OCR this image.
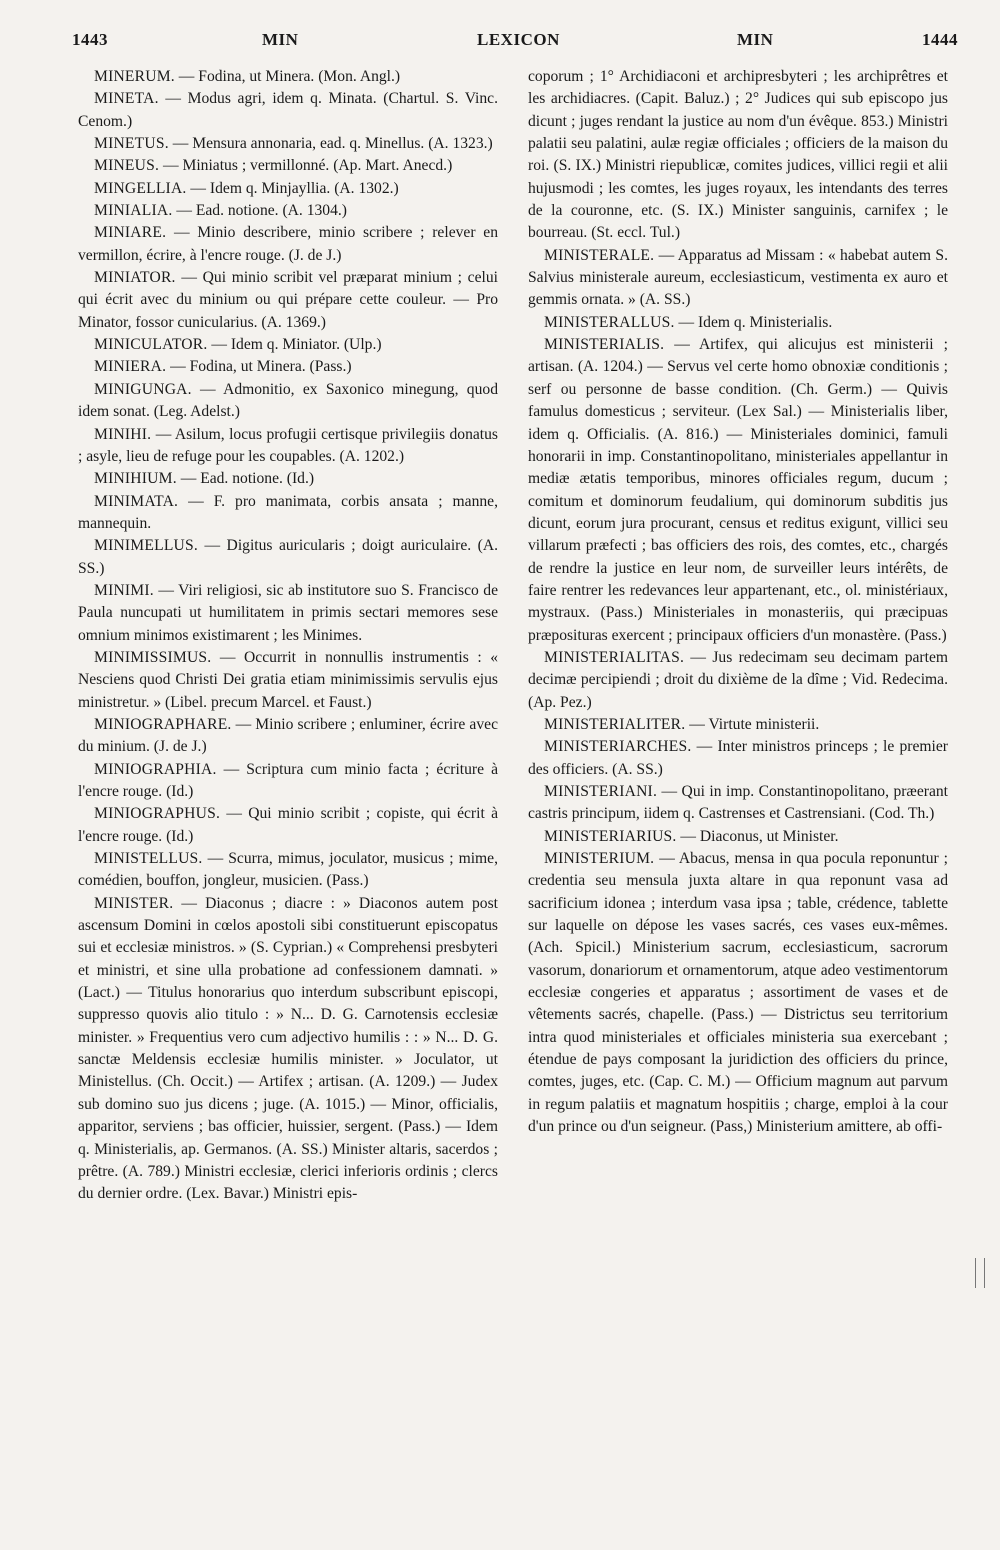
1443	MIN	LEXICON	MIN	1444

MINERUM. — Fodina, ut Minera. (Mon. Angl.)

MINETA. — Modus agri, idem q. Minata. (Chartul. S. Vinc. Cenom.)

MINETUS. — Mensura annonaria, ead. q. Minellus. (A. 1323.)

MINEUS. — Miniatus ; vermillonné. (Ap. Mart. Anecd.)

MINGELLIA. — Idem q. Minjayllia. (A. 1302.)

MINIALIA. — Ead. notione. (A. 1304.)

MINIARE. — Minio describere, minio scribere ; relever en vermillon, écrire, à l'encre rouge. (J. de J.)

MINIATOR. — Qui minio scribit vel præparat minium ; celui qui écrit avec du minium ou qui prépare cette couleur. — Pro Minator, fossor cunicularius. (A. 1369.)

MINICULATOR. — Idem q. Miniator. (Ulp.)

MINIERA. — Fodina, ut Minera. (Pass.)

MINIGUNGA. — Admonitio, ex Saxonico minegung, quod idem sonat. (Leg. Adelst.)

MINIHI. — Asilum, locus profugii certisque privilegiis donatus ; asyle, lieu de refuge pour les coupables. (A. 1202.)

MINIHIUM. — Ead. notione. (Id.)

MINIMATA. — F. pro manimata, corbis ansata ; manne, mannequin.

MINIMELLUS. — Digitus auricularis ; doigt auriculaire. (A. SS.)

MINIMI. — Viri religiosi, sic ab institutore suo S. Francisco de Paula nuncupati ut humilitatem in primis sectari memores sese omnium minimos existimarent ; les Minimes.

MINIMISSIMUS. — Occurrit in nonnullis instrumentis : « Nesciens quod Christi Dei gratia etiam minimissimis servulis ejus ministretur. » (Libel. precum Marcel. et Faust.)

MINIOGRAPHARE. — Minio scribere ; enluminer, écrire avec du minium. (J. de J.)

MINIOGRAPHIA. — Scriptura cum minio facta ; écriture à l'encre rouge. (Id.)

MINIOGRAPHUS. — Qui minio scribit ; copiste, qui écrit à l'encre rouge. (Id.)

MINISTELLUS. — Scurra, mimus, joculator, musicus ; mime, comédien, bouffon, jongleur, musicien. (Pass.)

MINISTER. — Diaconus ; diacre : » Diaconos autem post ascensum Domini in cœlos apostoli sibi constituerunt episcopatus sui et ecclesiæ ministros. » (S. Cyprian.) « Comprehensi presbyteri et ministri, et sine ulla probatione ad confessionem damnati. » (Lact.) — Titulus honorarius quo interdum subscribunt episcopi, suppresso quovis alio titulo : » N... D. G. Carnotensis ecclesiæ minister. » Frequentius vero cum adjectivo humilis : : » N... D. G. sanctæ Meldensis ecclesiæ humilis minister. » Joculator, ut Ministellus. (Ch. Occit.) — Artifex ; artisan. (A. 1209.) — Judex sub domino suo jus dicens ; juge. (A. 1015.) — Minor, officialis, apparitor, serviens ; bas officier, huissier, sergent. (Pass.) — Idem q. Ministerialis, ap. Germanos. (A. SS.) Minister altaris, sacerdos ; prêtre. (A. 789.) Ministri ecclesiæ, clerici inferioris ordinis ; clercs du dernier ordre. (Lex. Bavar.) Ministri epis-

coporum ; 1° Archidiaconi et archipresbyteri ; les archiprêtres et les archidiacres. (Capit. Baluz.) ; 2° Judices qui sub episcopo jus dicunt ; juges rendant la justice au nom d'un évêque. 853.) Ministri palatii seu palatini, aulæ regiæ officiales ; officiers de la maison du roi. (S. IX.) Ministri riepublicæ, comites judices, villici regii et alii hujusmodi ; les comtes, les juges royaux, les intendants des terres de la couronne, etc. (S. IX.) Minister sanguinis, carnifex ; le bourreau. (St. eccl. Tul.)

MINISTERALE. — Apparatus ad Missam : « habebat autem S. Salvius ministerale aureum, ecclesiasticum, vestimenta ex auro et gemmis ornata. » (A. SS.)

MINISTERALLUS. — Idem q. Ministerialis.

MINISTERIALIS. — Artifex, qui alicujus est ministerii ; artisan. (A. 1204.) — Servus vel certe homo obnoxiæ conditionis ; serf ou personne de basse condition. (Ch. Germ.) — Quivis famulus domesticus ; serviteur. (Lex Sal.) — Ministerialis liber, idem q. Officialis. (A. 816.) — Ministeriales dominici, famuli honorarii in imp. Constantinopolitano, ministeriales appellantur in mediæ ætatis temporibus, minores officiales regum, ducum ; comitum et dominorum feudalium, qui dominorum subditis jus dicunt, eorum jura procurant, census et reditus exigunt, villici seu villarum præfecti ; bas officiers des rois, des comtes, etc., chargés de rendre la justice en leur nom, de surveiller leurs intérêts, de faire rentrer les redevances leur appartenant, etc., ol. ministériaux, mystraux. (Pass.) Ministeriales in monasteriis, qui præcipuas præposituras exercent ; principaux officiers d'un monastère. (Pass.)

MINISTERIALITAS. — Jus redecimam seu decimam partem decimæ percipiendi ; droit du dixième de la dîme ; Vid. Redecima. (Ap. Pez.)

MINISTERIALITER. — Virtute ministerii.

MINISTERIARCHES. — Inter ministros princeps ; le premier des officiers. (A. SS.)

MINISTERIANI. — Qui in imp. Constantinopolitano, præerant castris principum, iidem q. Castrenses et Castrensiani. (Cod. Th.)

MINISTERIARIUS. — Diaconus, ut Minister.

MINISTERIUM. — Abacus, mensa in qua pocula reponuntur ; credentia seu mensula juxta altare in qua reponunt vasa ad sacrificium idonea ; interdum vasa ipsa ; table, crédence, tablette sur laquelle on dépose les vases sacrés, ces vases eux-mêmes. (Ach. Spicil.) Ministerium sacrum, ecclesiasticum, sacrorum vasorum, donariorum et ornamentorum, atque adeo vestimentorum ecclesiæ congeries et apparatus ; assortiment de vases et de vêtements sacrés, chapelle. (Pass.) — Districtus seu territorium intra quod ministeriales et officiales ministeria sua exercebant ; étendue de pays composant la juridiction des officiers du prince, comtes, juges, etc. (Cap. C. M.) — Officium magnum aut parvum in regum palatiis et magnatum hospitiis ; charge, emploi à la cour d'un prince ou d'un seigneur. (Pass,) Ministerium amittere, ab offi-
